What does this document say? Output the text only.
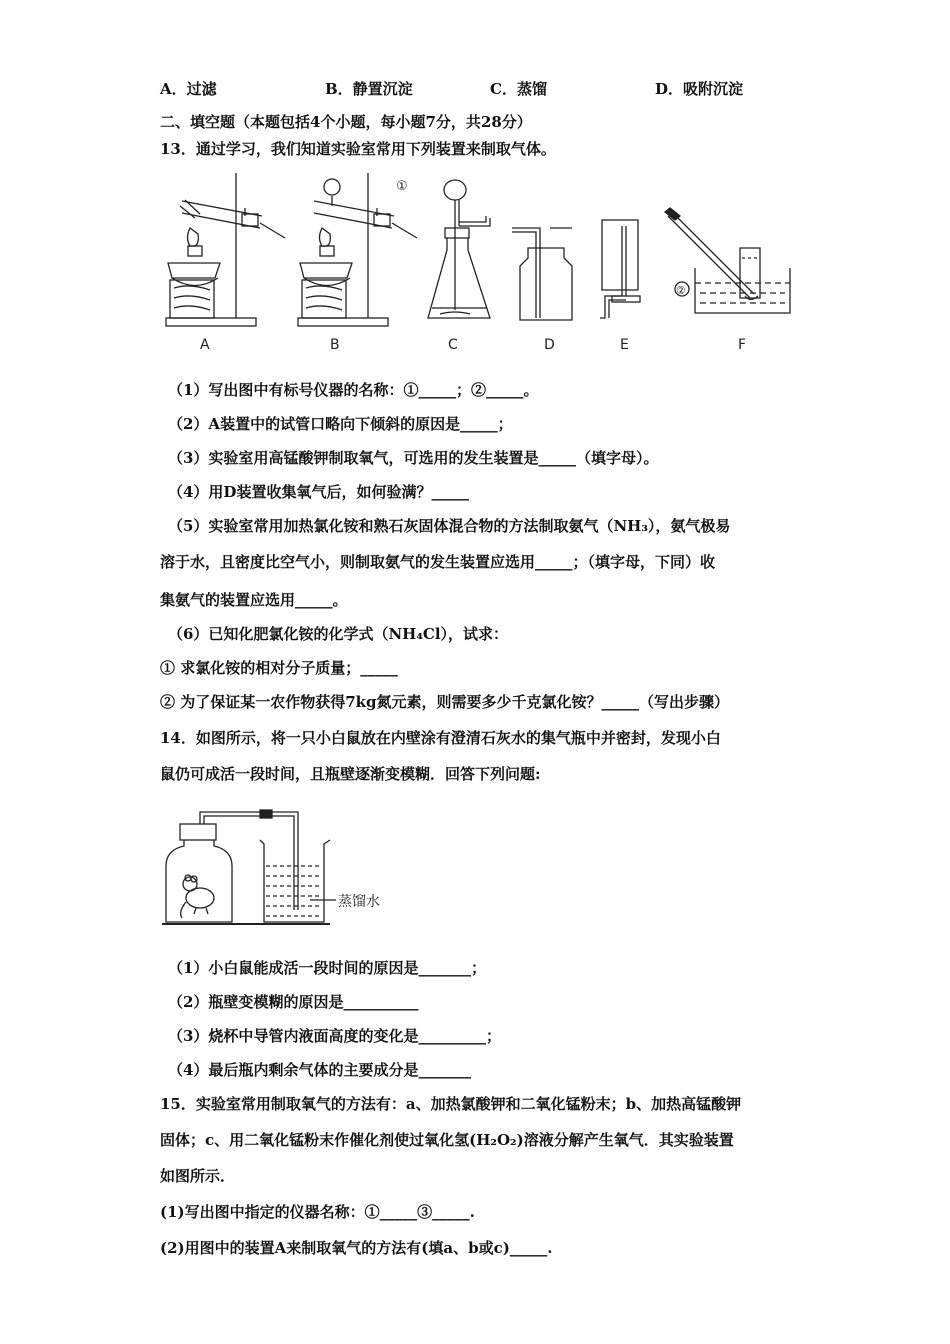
A．过滤	B．静置沉淀	C．蒸馏	D．吸附沉淀
二、填空题（本题包括4个小题，每小题7分，共28分）
13．通过学习，我们知道实验室常用下列装置来制取气体。
①
②
A	B	C	D	E	F
（1）写出图中有标号仪器的名称：①_____；②_____。
（2）A装置中的试管口略向下倾斜的原因是_____；
（3）实验室用高锰酸钾制取氧气，可选用的发生装置是_____（填字母）。
（4）用D装置收集氧气后，如何验满？_____
（5）实验室常用加热氯化铵和熟石灰固体混合物的方法制取氨气（NH₃），氨气极易
溶于水，且密度比空气小，则制取氨气的发生装置应选用_____；（填字母，下同）收
集氨气的装置应选用_____。
（6）已知化肥氯化铵的化学式（NH₄Cl），试求：
① 求氯化铵的相对分子质量；_____
② 为了保证某一农作物获得7kg氮元素，则需要多少千克氯化铵？_____（写出步骤）
14．如图所示，将一只小白鼠放在内壁涂有澄清石灰水的集气瓶中并密封，发现小白
鼠仍可成活一段时间，且瓶壁逐渐变模糊．回答下列问题:
蒸馏水
（1）小白鼠能成活一段时间的原因是_______；
（2）瓶壁变模糊的原因是__________
（3）烧杯中导管内液面高度的变化是_________；
（4）最后瓶内剩余气体的主要成分是_______
15．实验室常用制取氧气的方法有：a、加热氯酸钾和二氧化锰粉末；b、加热高锰酸钾
固体；c、用二氧化锰粉末作催化剂使过氧化氢(H₂O₂)溶液分解产生氧气．其实验装置
如图所示．
(1)写出图中指定的仪器名称：①_____③_____.
(2)用图中的装置A来制取氧气的方法有(填a、b或c)_____.
